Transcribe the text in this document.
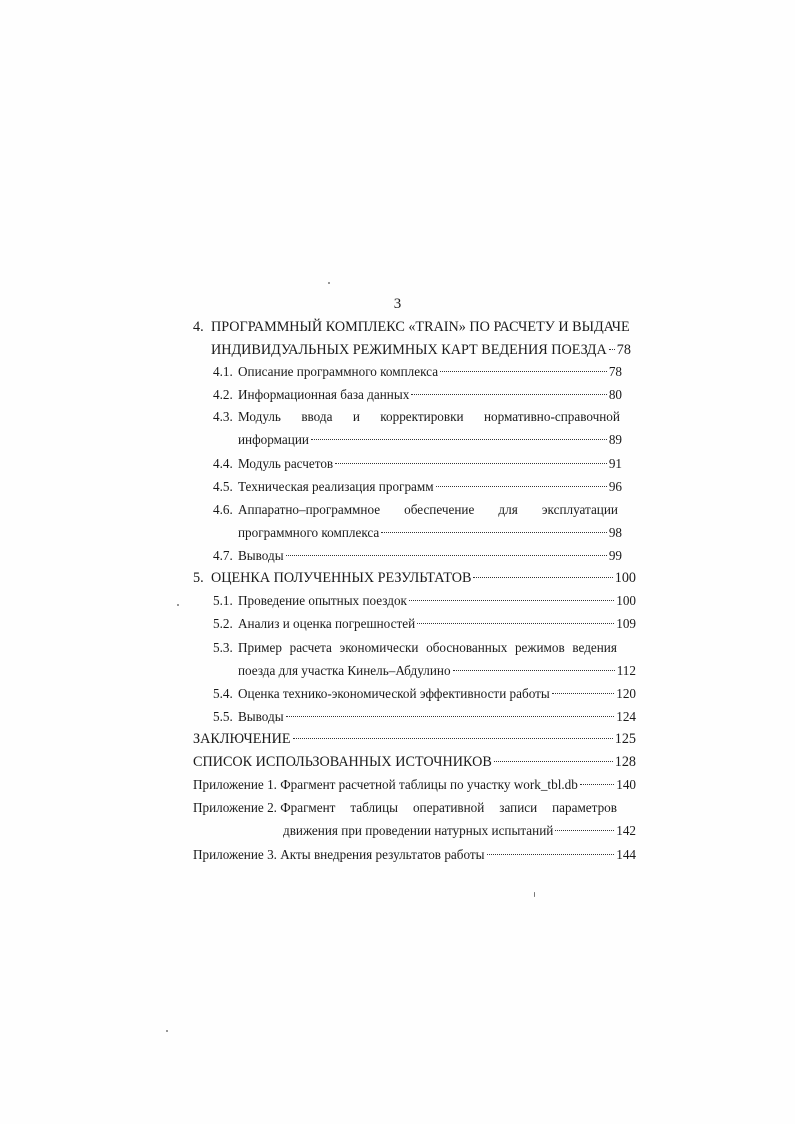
3
4. ПРОГРАММНЫЙ КОМПЛЕКС «TRAIN» ПО РАСЧЕТУ И ВЫДАЧЕ
ИНДИВИДУАЛЬНЫХ РЕЖИМНЫХ КАРТ ВЕДЕНИЯ ПОЕЗДА 78
4.1. Описание программного комплекса	78
4.2. Информационная база данных	80
4.3. Модуль ввода и корректировки нормативно-справочной
информации	89
4.4. Модуль расчетов	91
4.5. Техническая реализация программ	96
4.6. Аппаратно–программное обеспечение для эксплуатации
программного комплекса	98
4.7. Выводы	99
5. ОЦЕНКА ПОЛУЧЕННЫХ РЕЗУЛЬТАТОВ	100
5.1. Проведение опытных поездок	100
5.2. Анализ и оценка погрешностей	109
5.3. Пример расчета экономически обоснованных режимов ведения
поезда для участка Кинель–Абдулино	112
5.4. Оценка технико-экономической эффективности работы	120
5.5. Выводы	124
ЗАКЛЮЧЕНИЕ	125
СПИСОК ИСПОЛЬЗОВАННЫХ ИСТОЧНИКОВ	128
Приложение 1. Фрагмент расчетной таблицы по участку work_tbl.db	140
Приложение 2. Фрагмент таблицы оперативной записи параметров
движения при проведении натурных испытаний	142
Приложение 3. Акты внедрения результатов работы	144
